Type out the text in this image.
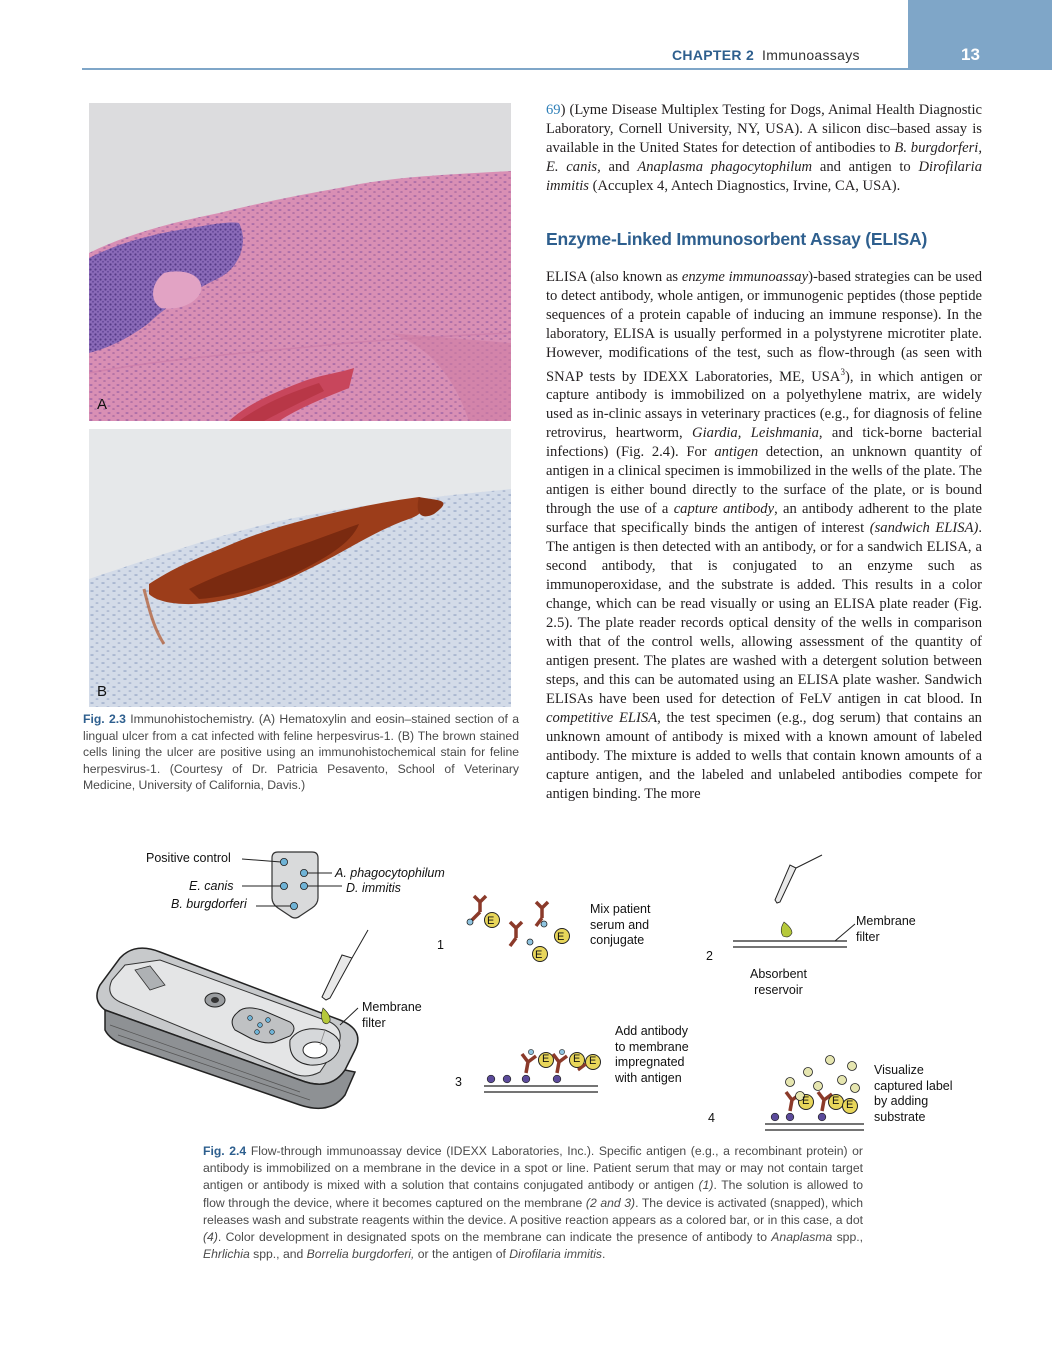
CHAPTER 2 Immunoassays	13
A
B
Fig. 2.3 Immunohistochemistry. (A) Hematoxylin and eosin–stained section of a lingual ulcer from a cat infected with feline herpesvirus-1. (B) The brown stained cells lining the ulcer are positive using an immunohistochemical stain for feline herpesvirus-1. (Courtesy of Dr. Patricia Pesavento, School of Veterinary Medicine, University of California, Davis.)

69) (Lyme Disease Multiplex Testing for Dogs, Animal Health Diagnostic Laboratory, Cornell University, NY, USA). A silicon disc–based assay is available in the United States for detection of antibodies to B. burgdorferi, E. canis, and Anaplasma phagocytophilum and antigen to Dirofilaria immitis (Accuplex 4, Antech Diagnostics, Irvine, CA, USA).

Enzyme-Linked Immunosorbent Assay (ELISA)

ELISA (also known as enzyme immunoassay)-based strategies can be used to detect antibody, whole antigen, or immunogenic peptides (those peptide sequences of a protein capable of inducing an immune response). In the laboratory, ELISA is usually performed in a polystyrene microtiter plate. However, modifications of the test, such as flow-through (as seen with SNAP tests by IDEXX Laboratories, ME, USA$^3$), in which antigen or capture antibody is immobilized on a polyethylene matrix, are widely used as in-clinic assays in veterinary practices (e.g., for diagnosis of feline retrovirus, heartworm, Giardia, Leishmania, and tick-borne bacterial infections) (Fig. 2.4). For antigen detection, an unknown quantity of antigen in a clinical specimen is immobilized in the wells of the plate. The antigen is either bound directly to the surface of the plate, or is bound through the use of a capture antibody, an antibody adherent to the plate surface that specifically binds the antigen of interest (sandwich ELISA). The antigen is then detected with an antibody, or for a sandwich ELISA, a second antibody, that is conjugated to an enzyme such as immunoperoxidase, and the substrate is added. This results in a color change, which can be read visually or using an ELISA plate reader (Fig. 2.5). The plate reader records optical density of the wells in comparison with that of the control wells, allowing assessment of the quantity of antigen present. The plates are washed with a detergent solution between steps, and this can be automated using an ELISA plate washer. Sandwich ELISAs have been used for detection of FeLV antigen in cat blood. In competitive ELISA, the test specimen (e.g., dog serum) that contains an unknown amount of antibody is mixed with a known amount of labeled antibody. The mixture is added to wells that contain known amounts of a capture antigen, and the labeled and unlabeled antibodies compete for antigen binding. The more

E
E
E
E E E
E E E
Positive control
E. canis
B. burgdorferi
A. phagocytophilum
D. immitis
Membrane
filter
1
Mix patient
serum and
conjugate
2
Membrane
filter
Absorbent
reservoir
3
Add antibody
to membrane
impregnated
with antigen
4
Visualize
captured label
by adding
substrate
Fig. 2.4 Flow-through immunoassay device (IDEXX Laboratories, Inc.). Specific antigen (e.g., a recombinant protein) or antibody is immobilized on a membrane in the device in a spot or line. Patient serum that may or may not contain target antigen or antibody is mixed with a solution that contains conjugated antibody or antigen (1). The solution is allowed to flow through the device, where it becomes captured on the membrane (2 and 3). The device is activated (snapped), which releases wash and substrate reagents within the device. A positive reaction appears as a colored bar, or in this case, a dot (4). Color development in designated spots on the membrane can indicate the presence of antibody to Anaplasma spp., Ehrlichia spp., and Borrelia burgdorferi, or the antigen of Dirofilaria immitis.
